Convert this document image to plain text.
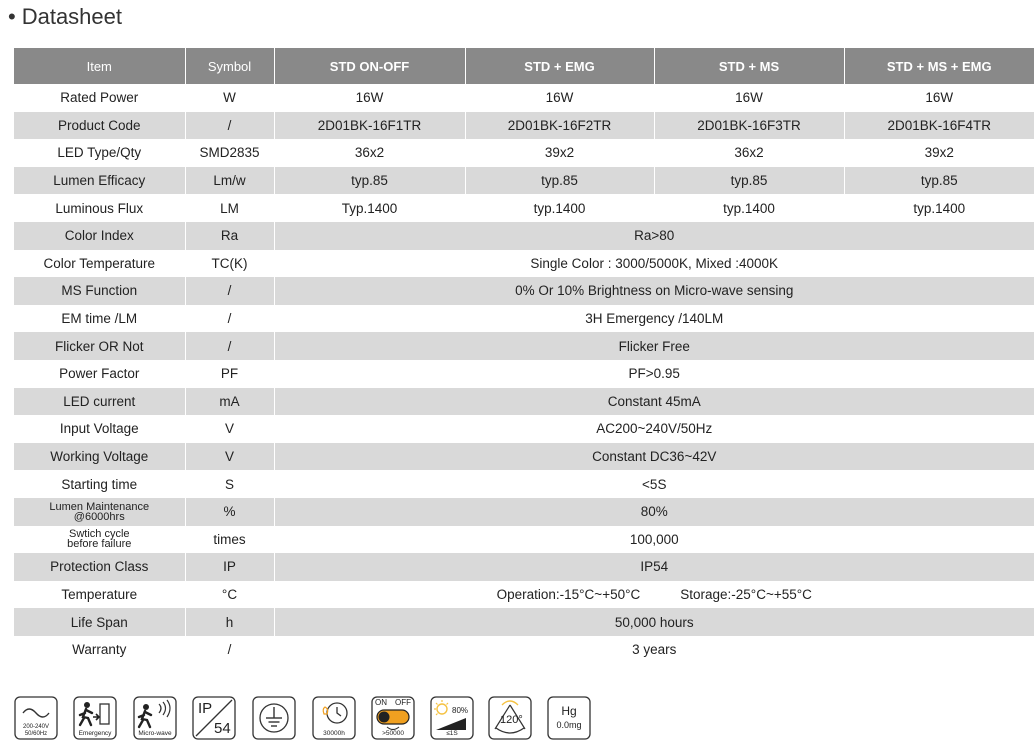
• Datasheet
Item	Symbol	STD ON-OFF	STD + EMG	STD + MS	STD + MS + EMG
Rated Power	W	16W	16W	16W	16W
Product Code	/	2D01BK-16F1TR	2D01BK-16F2TR	2D01BK-16F3TR	2D01BK-16F4TR
LED Type/Qty	SMD2835	36x2	39x2	36x2	39x2
Lumen Efficacy	Lm/w	typ.85	typ.85	typ.85	typ.85
Luminous Flux	LM	Typ.1400	typ.1400	typ.1400	typ.1400
Color Index	Ra	Ra>80			
Color Temperature	TC(K)	Single Color : 3000/5000K, Mixed :4000K			
MS Function	/	0% Or 10% Brightness on Micro-wave sensing			
EM time /LM	/	3H Emergency /140LM			
Flicker OR Not	/	Flicker Free			
Power Factor	PF	PF>0.95			
LED current	mA	Constant 45mA			
Input Voltage	V	AC200~240V/50Hz			
Working Voltage	V	Constant DC36~42V			
Starting time	S	<5S			

Lumen Maintenance
@6000hrs	%	80%			

Swtich cycle
before failure	times	100,000			
Protection Class	IP	IP54			
Temperature	°C	Operation:-15°C~+50°C Storage:-25°C~+55°C			
Life Span	h	50,000 hours			
Warranty	/	3 years			
200-240V
50/60Hz	Emergency	Micro-wave
IP
54	30000h
ON OFF
>50000
80%
≤1S
120°
Hg
0.0mg
